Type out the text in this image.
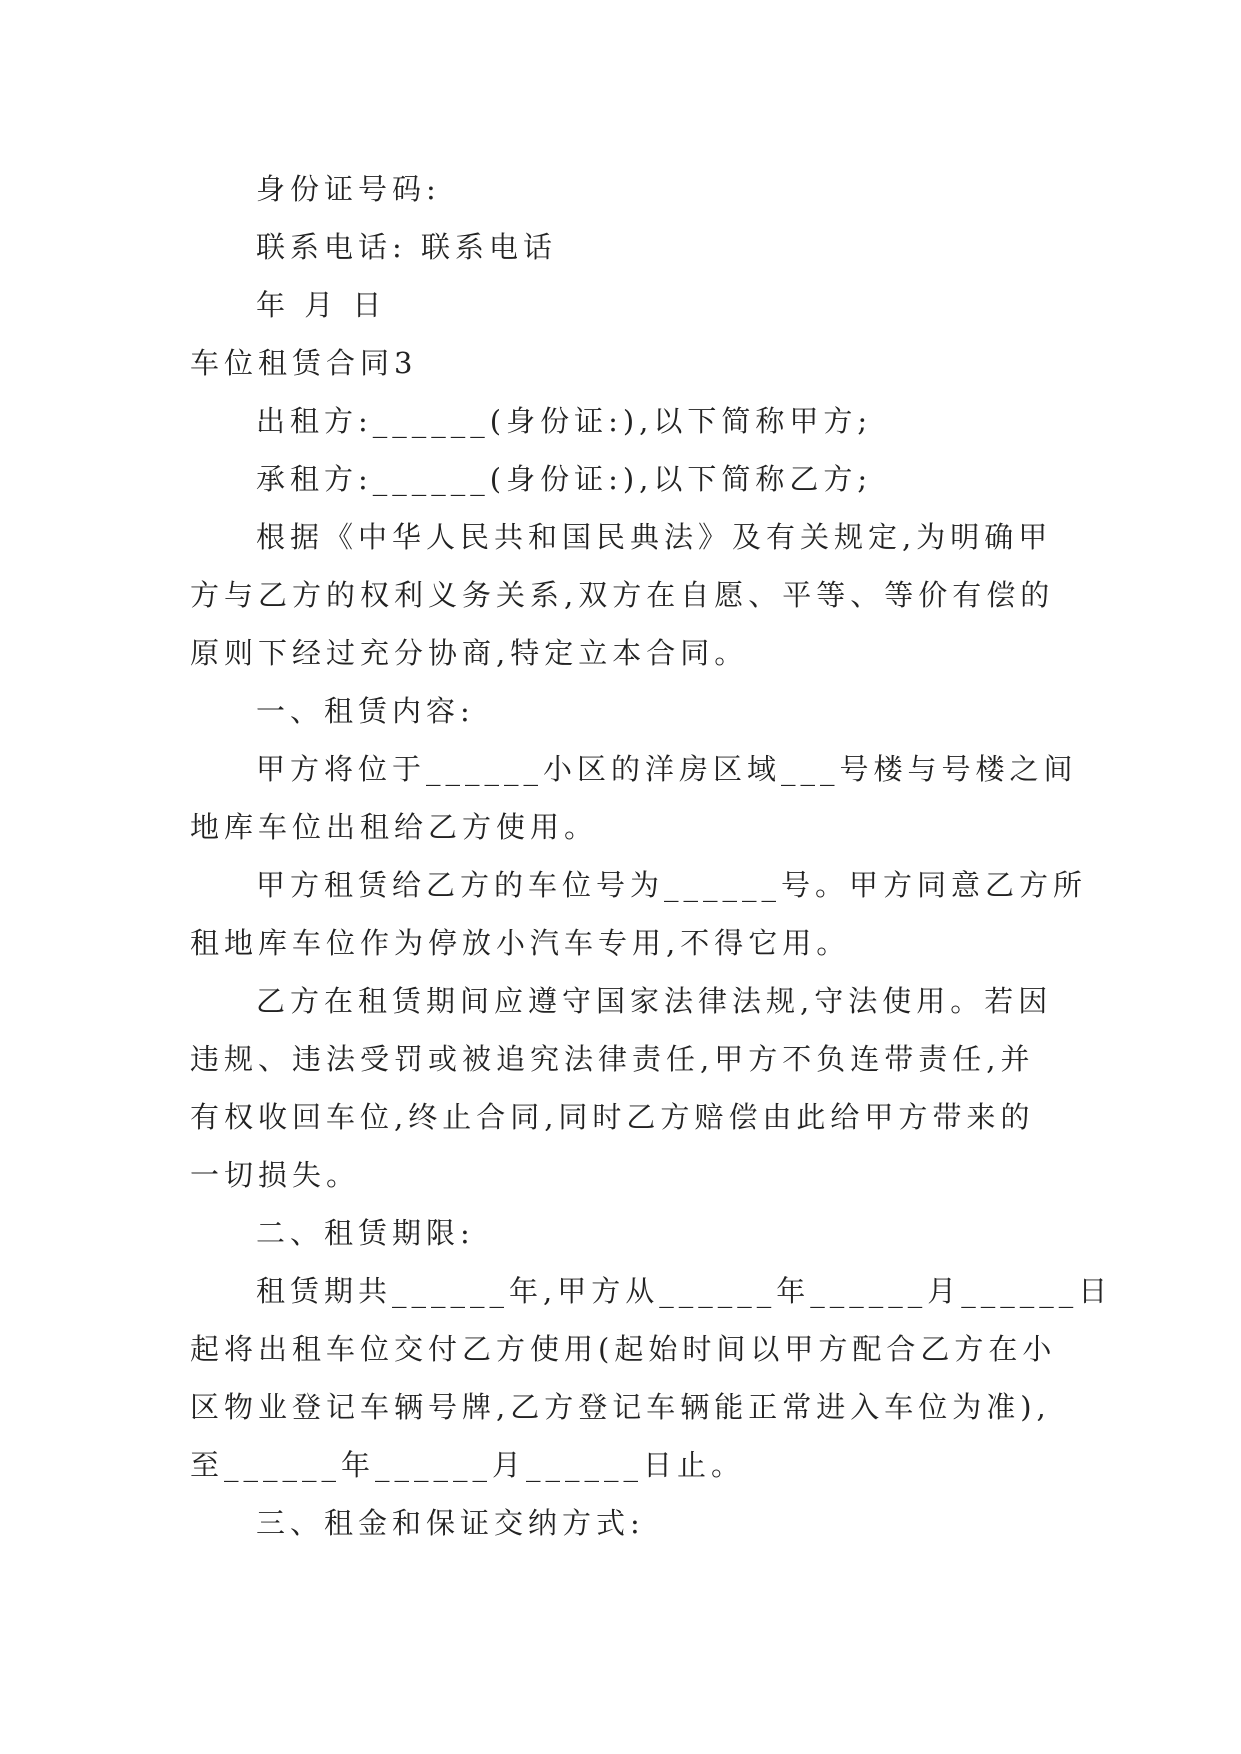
身份证号码:
联系电话: 联系电话
年 月 日
车位租赁合同3
出租方:______(身份证:),以下简称甲方;
承租方:______(身份证:),以下简称乙方;
根据《中华人民共和国民典法》及有关规定,为明确甲
方与乙方的权利义务关系,双方在自愿、平等、等价有偿的
原则下经过充分协商,特定立本合同。
一、租赁内容:
甲方将位于______小区的洋房区域___号楼与号楼之间
地库车位出租给乙方使用。
甲方租赁给乙方的车位号为______号。甲方同意乙方所
租地库车位作为停放小汽车专用,不得它用。
乙方在租赁期间应遵守国家法律法规,守法使用。若因
违规、违法受罚或被追究法律责任,甲方不负连带责任,并
有权收回车位,终止合同,同时乙方赔偿由此给甲方带来的
一切损失。
二、租赁期限:
租赁期共______年,甲方从______年______月______日
起将出租车位交付乙方使用(起始时间以甲方配合乙方在小
区物业登记车辆号牌,乙方登记车辆能正常进入车位为准),
至______年______月______日止。
三、租金和保证交纳方式:
